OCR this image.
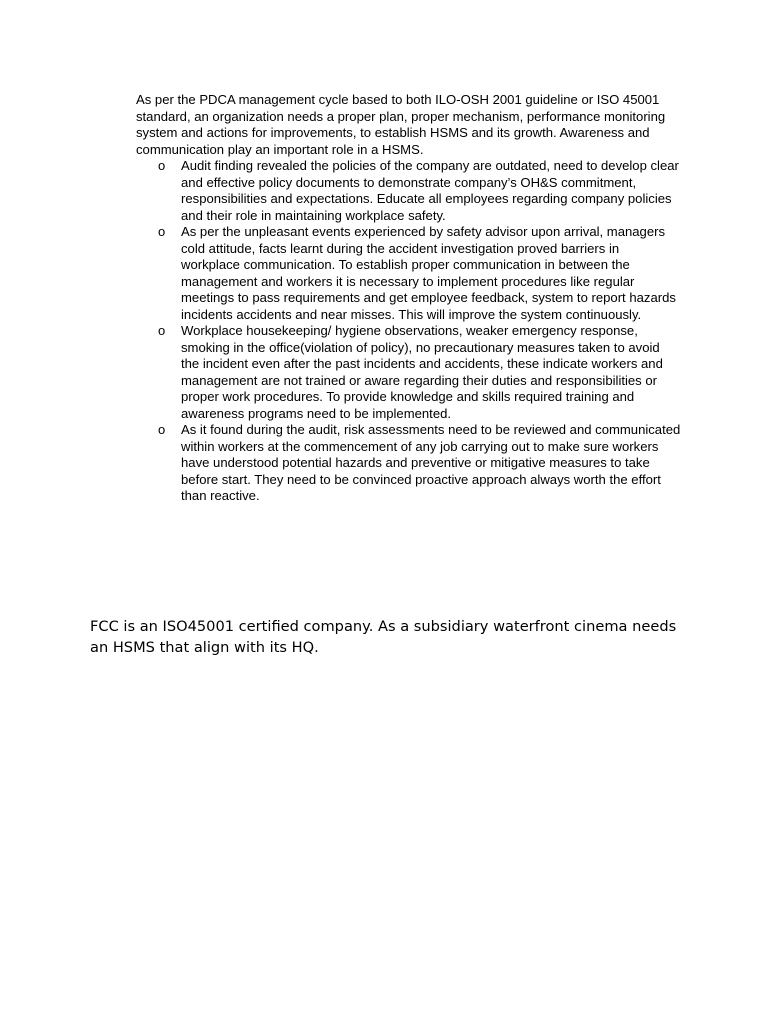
As per the PDCA management cycle based to both ILO-OSH 2001 guideline or ISO 45001 standard, an organization needs a proper plan, proper mechanism, performance monitoring system and actions for improvements, to establish HSMS and its growth. Awareness and communication play an important role in a HSMS.

o Audit finding revealed the policies of the company are outdated, need to develop clear and effective policy documents to demonstrate company’s OH&S commitment, responsibilities and expectations. Educate all employees regarding company policies and their role in maintaining workplace safety.
o As per the unpleasant events experienced by safety advisor upon arrival, managers cold attitude, facts learnt during the accident investigation proved barriers in workplace communication. To establish proper communication in between the management and workers it is necessary to implement procedures like regular meetings to pass requirements and get employee feedback, system to report hazards incidents accidents and near misses. This will improve the system continuously.
o Workplace housekeeping/ hygiene observations, weaker emergency response, smoking in the office(violation of policy), no precautionary measures taken to avoid the incident even after the past incidents and accidents, these indicate workers and management are not trained or aware regarding their duties and responsibilities or proper work procedures. To provide knowledge and skills required training and awareness programs need to be implemented.
o As it found during the audit, risk assessments need to be reviewed and communicated within workers at the commencement of any job carrying out to make sure workers have understood potential hazards and preventive or mitigative measures to take before start. They need to be convinced proactive approach always worth the effort than reactive.

FCC is an ISO45001 certified company. As a subsidiary waterfront cinema needs an HSMS that align with its HQ.
